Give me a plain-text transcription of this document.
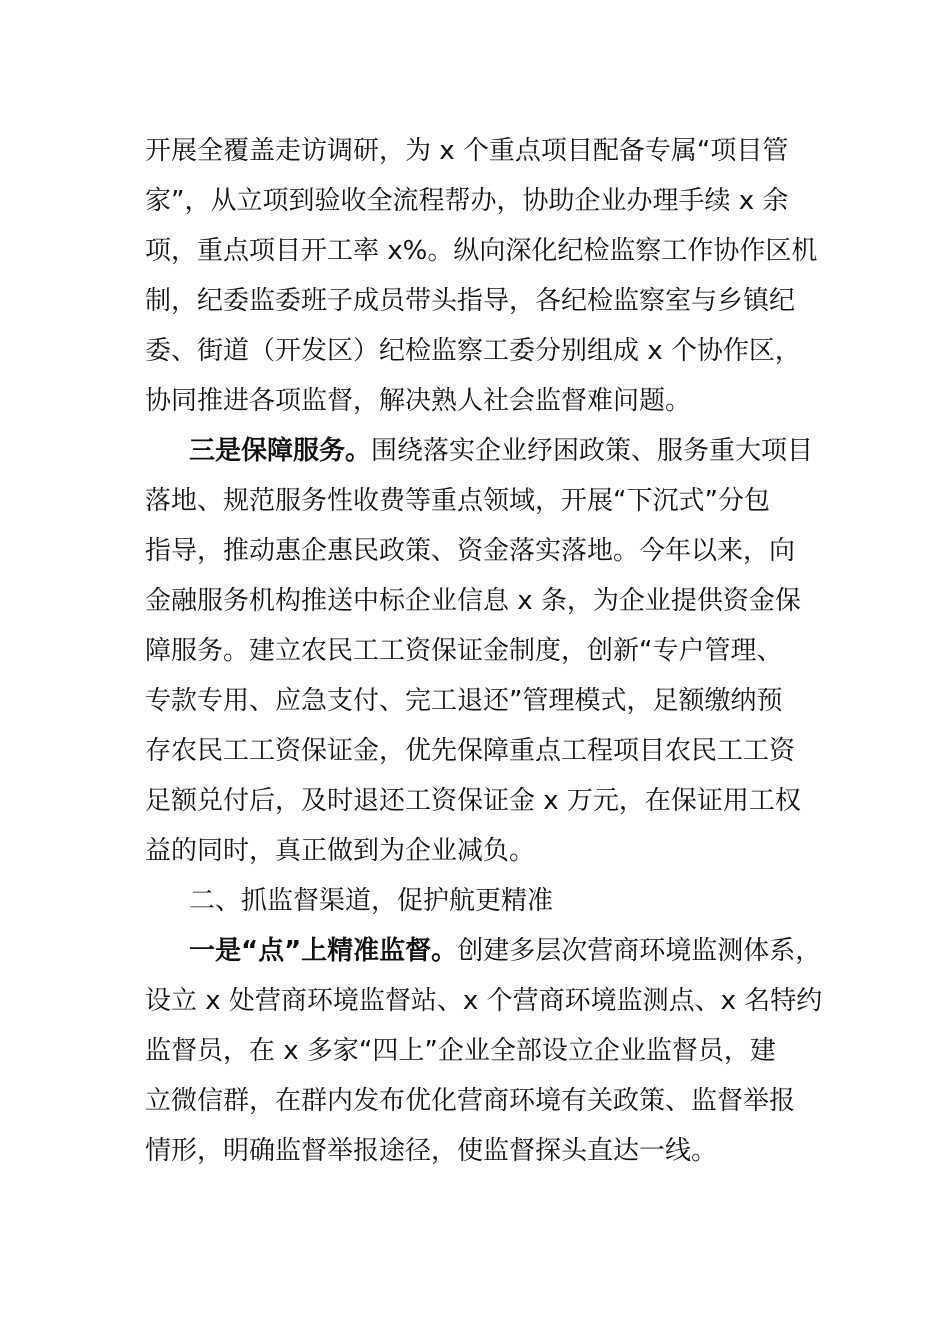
开展全覆盖走访调研，为 x 个重点项目配备专属“项目管
家”，从立项到验收全流程帮办，协助企业办理手续 x 余
项，重点项目开工率 x%。纵向深化纪检监察工作协作区机
制，纪委监委班子成员带头指导，各纪检监察室与乡镇纪
委、街道（开发区）纪检监察工委分别组成 x 个协作区，
协同推进各项监督，解决熟人社会监督难问题。
三是保障服务。围绕落实企业纾困政策、服务重大项目
落地、规范服务性收费等重点领域，开展“下沉式”分包
指导，推动惠企惠民政策、资金落实落地。今年以来，向
金融服务机构推送中标企业信息 x 条，为企业提供资金保
障服务。建立农民工工资保证金制度，创新“专户管理、
专款专用、应急支付、完工退还”管理模式，足额缴纳预
存农民工工资保证金，优先保障重点工程项目农民工工资
足额兑付后，及时退还工资保证金 x 万元，在保证用工权
益的同时，真正做到为企业减负。
二、抓监督渠道，促护航更精准
一是“点”上精准监督。创建多层次营商环境监测体系，
设立 x 处营商环境监督站、x 个营商环境监测点、x 名特约
监督员，在 x 多家“四上”企业全部设立企业监督员，建
立微信群，在群内发布优化营商环境有关政策、监督举报
情形，明确监督举报途径，使监督探头直达一线。
